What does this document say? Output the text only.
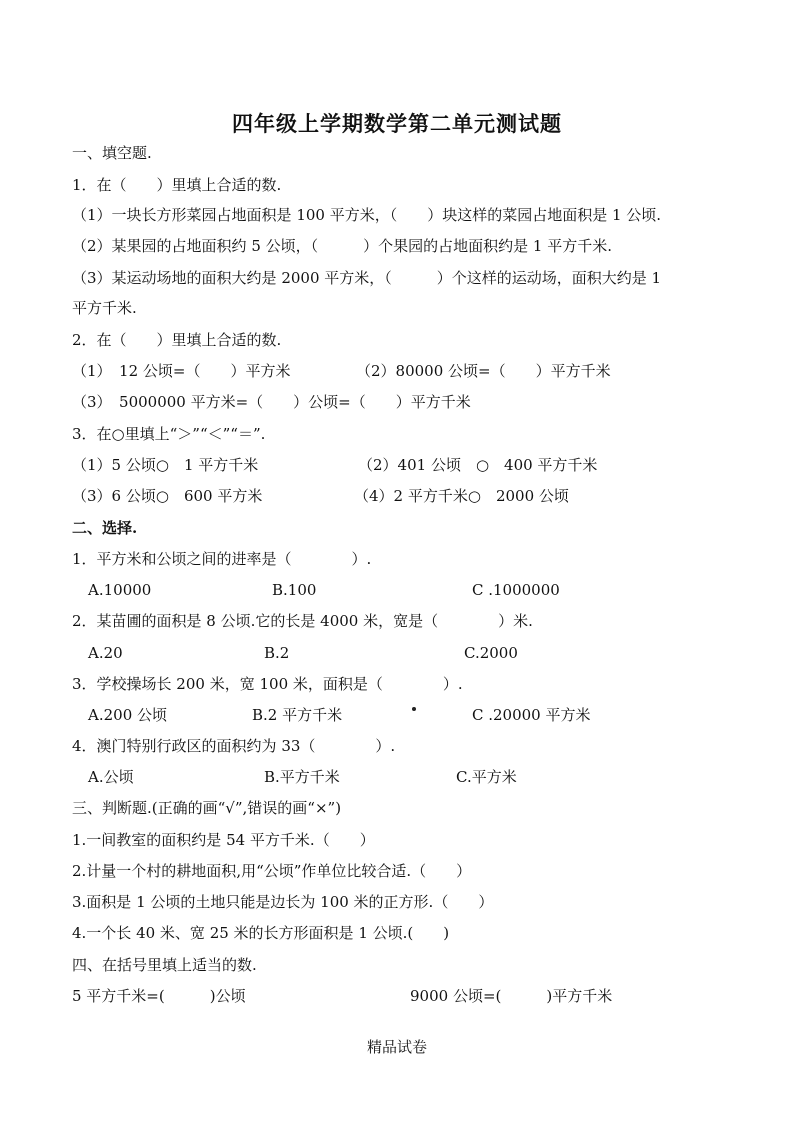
四年级上学期数学第二单元测试题
一、填空题.
1．在（　　）里填上合适的数.
（1）一块长方形菜园占地面积是 100 平方米，（　　）块这样的菜园占地面积是 1 公顷.
（2）某果园的占地面积约 5 公顷，（　　　）个果园的占地面积约是 1 平方千米.
（3）某运动场地的面积大约是 2000 平方米，（　　　）个这样的运动场，面积大约是 1
平方千米.
2．在（　　）里填上合适的数.
（1）　12 公顷=（　　）平方米	（2）80000 公顷=（　　）平方千米
（3）　5000000 平方米=（　　）公顷=（　　）平方千米
3．在○里填上“＞”“＜”“＝”.
（1）5 公顷○　1 平方千米	（2）401 公顷　○　400 平方千米
（3）6 公顷○　600 平方米	（4）2 平方千米○　2000 公顷
二、选择.
1．平方米和公顷之间的进率是（　　　　）.
A.10000	B.100	C .1000000
2．某苗圃的面积是 8 公顷.它的长是 4000 米，宽是（　　　　）米.
A.20	B.2	C.2000
3．学校操场长 200 米，宽 100 米，面积是（　　　　）.
A.200 公顷	B.2 平方千米	C .20000 平方米
4．澳门特别行政区的面积约为 33（　　　　）.
A.公顷	B.平方千米	C.平方米
三、判断题.(正确的画“√”,错误的画“×”)
1.一间教室的面积约是 54 平方千米.（　　）
2.计量一个村的耕地面积,用“公顷”作单位比较合适.（　　）
3.面积是 1 公顷的土地只能是边长为 100 米的正方形.（　　）
4.一个长 40 米、宽 25 米的长方形面积是 1 公顷.(　　)
四、在括号里填上适当的数.
5 平方千米=(　　　)公顷	9000 公顷=(　　　)平方千米
精品试卷
